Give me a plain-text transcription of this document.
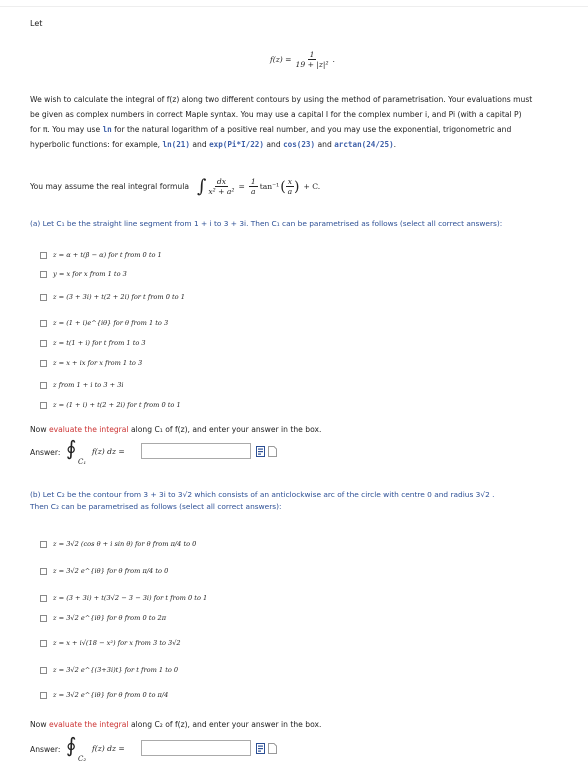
Let
$f(z) = \frac{1}{\text{19 + |z|²}}$ .
We wish to calculate the integral of f(z) along two different contours by using the method of parametrisation. Your evaluations must
be given as complex numbers in correct Maple syntax. You may use a capital I for the complex number i, and Pi (with a capital P)
for π. You may use ln for the natural logarithm of a positive real number, and you may use the exponential, trigonometric and
hyperbolic functions: for example, ln(21) and exp(Pi*I/22) and cos(23) and arctan(24/25).
You may assume the real integral formula ∫ $\frac{dx}{\text{x² + a²}} = \frac{1}{a} \tan^{-1}$ ( $\frac{x}{a}$ ) + C.
(a) Let C₁ be the straight line segment from 1 + i to 3 + 3i. Then C₁ can be parametrised as follows (select all correct answers):
z = α + t(β − α) for t from 0 to 1
y = x for x from 1 to 3
z = (3 + 3i) + t(2 + 2i) for t from 0 to 1
z = (1 + i)e^{iθ} for θ from 1 to 3
z = t(1 + i) for t from 1 to 3
z = x + ix for x from 1 to 3
z from 1 + i to 3 + 3i
z = (1 + i) + t(2 + 2i) for t from 0 to 1
Now evaluate the integral along C₁ of f(z), and enter your answer in the box.
Answer: ∮
C₁
f(z) dz =
(b) Let C₂ be the contour from 3 + 3i to 3√2 which consists of an anticlockwise arc of the circle with centre 0 and radius 3√2 .
Then C₂ can be parametrised as follows (select all correct answers):
z = 3√2 (cos θ + i sin θ) for θ from π/4 to 0
z = 3√2 e^{iθ} for θ from π/4 to 0
z = (3 + 3i) + t(3√2 − 3 − 3i) for t from 0 to 1
z = 3√2 e^{iθ} for θ from 0 to 2π
z = x + i√(18 − x²) for x from 3 to 3√2
z = 3√2 e^{(3+3i)t} for t from 1 to 0
z = 3√2 e^{iθ} for θ from 0 to π/4
Now evaluate the integral along C₂ of f(z), and enter your answer in the box.
Answer: ∮
C₂
f(z) dz =
